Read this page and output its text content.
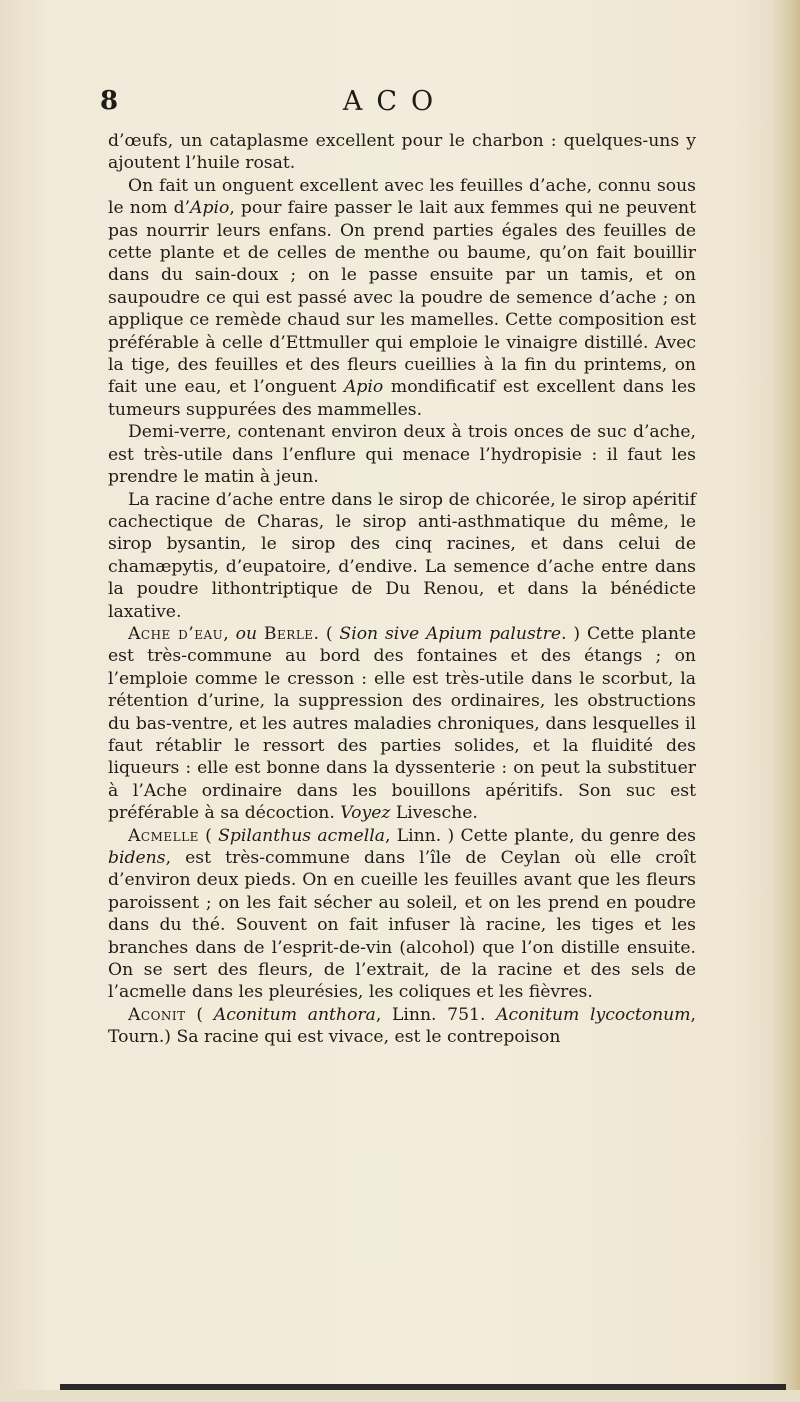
8	ACO

d’œufs, un cataplasme excellent pour le charbon : quelques-uns y ajoutent l’huile rosat.

On fait un onguent excellent avec les feuilles d’ache, connu sous le nom d’Apio, pour faire passer le lait aux femmes qui ne peuvent pas nourrir leurs enfans. On prend parties égales des feuilles de cette plante et de celles de menthe ou baume, qu’on fait bouillir dans du sain-doux ; on le passe ensuite par un tamis, et on saupoudre ce qui est passé avec la poudre de semence d’ache ; on applique ce remède chaud sur les mamelles. Cette composition est préférable à celle d’Ettmuller qui emploie le vinaigre distillé. Avec la tige, des feuilles et des fleurs cueillies à la fin du printems, on fait une eau, et l’onguent Apio mondificatif est excellent dans les tumeurs suppurées des mammelles.

Demi-verre, contenant environ deux à trois onces de suc d’ache, est très-utile dans l’enflure qui menace l’hydropisie : il faut les prendre le matin à jeun.

La racine d’ache entre dans le sirop de chicorée, le sirop apéritif cachectique de Charas, le sirop anti-asthmatique du même, le sirop bysantin, le sirop des cinq racines, et dans celui de chamæpytis, d’eupatoire, d’endive. La semence d’ache entre dans la poudre lithontriptique de Du Renou, et dans la bénédicte laxative.

Ache d’eau, ou Berle. ( Sion sive Apium palustre. ) Cette plante est très-commune au bord des fontaines et des étangs ; on l’emploie comme le cresson : elle est très-utile dans le scorbut, la rétention d’urine, la suppression des ordinaires, les obstructions du bas-ventre, et les autres maladies chroniques, dans lesquelles il faut rétablir le ressort des parties solides, et la fluidité des liqueurs : elle est bonne dans la dyssenterie : on peut la substituer à l’Ache ordinaire dans les bouillons apéritifs. Son suc est préférable à sa décoction. Voyez Livesche.

Acmelle ( Spilanthus acmella, Linn. ) Cette plante, du genre des bidens, est très-commune dans l’île de Ceylan où elle croît d’environ deux pieds. On en cueille les feuilles avant que les fleurs paroissent ; on les fait sécher au soleil, et on les prend en poudre dans du thé. Souvent on fait infuser là racine, les tiges et les branches dans de l’esprit-de-vin (alcohol) que l’on distille ensuite. On se sert des fleurs, de l’extrait, de la racine et des sels de l’acmelle dans les pleurésies, les coliques et les fièvres.

Aconit ( Aconitum anthora, Linn. 751. Aconitum lycoctonum, Tourn.) Sa racine qui est vivace, est le contrepoison
